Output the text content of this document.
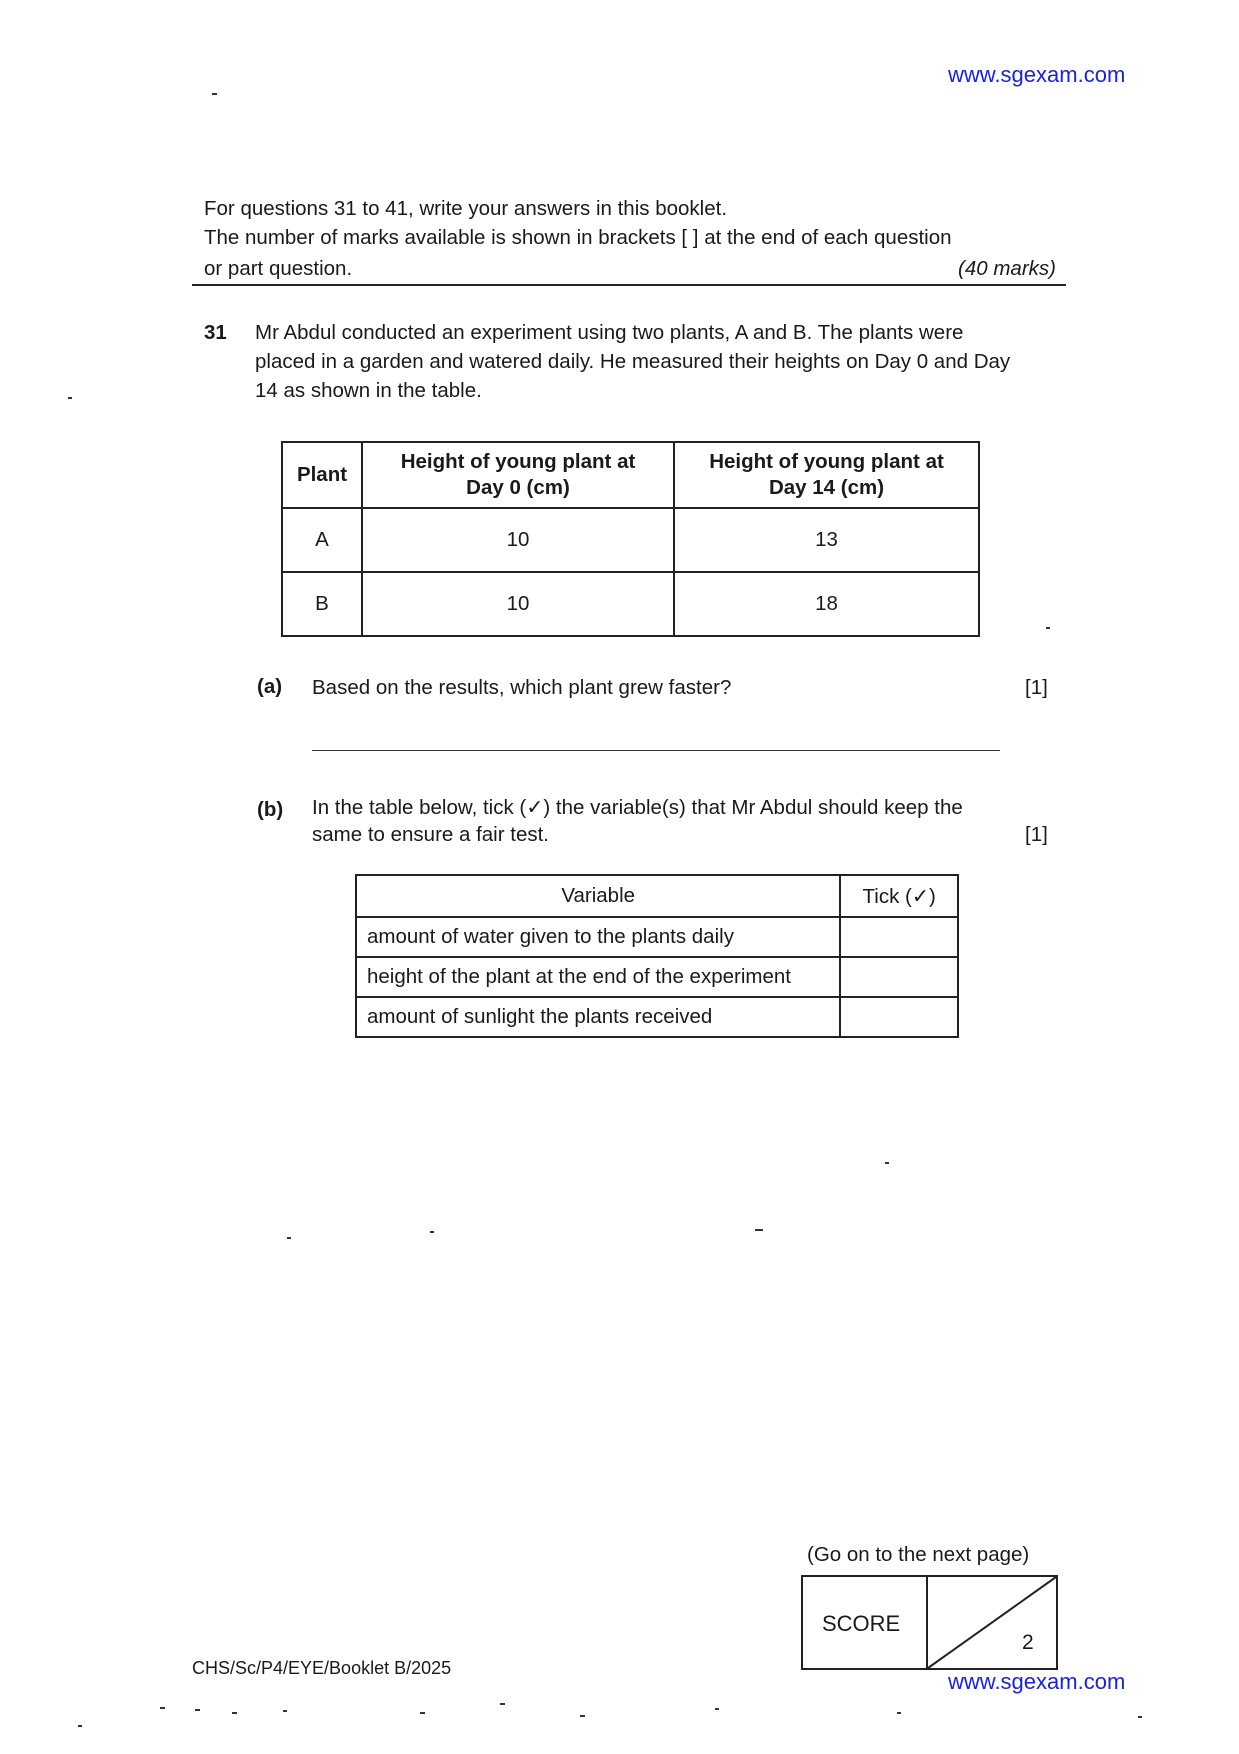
www.sgexam.com
For questions 31 to 41, write your answers in this booklet.
The number of marks available is shown in brackets [ ] at the end of each question
or part question.	(40 marks)
31 Mr Abdul conducted an experiment using two plants, A and B. The plants were placed in a garden and watered daily. He measured their heights on Day 0 and Day 14 as shown in the table.
Plant	Height of young plant at Day 0 (cm)	Height of young plant at Day 14 (cm)
A	10	13
B	10	18
(a) Based on the results, which plant grew faster?	[1]
(b) In the table below, tick (✓) the variable(s) that Mr Abdul should keep the same to ensure a fair test.	[1]
Variable	Tick (✓)
amount of water given to the plants daily	
height of the plant at the end of the experiment	
amount of sunlight the plants received	
(Go on to the next page)
SCORE
2
CHS/Sc/P4/EYE/Booklet B/2025
www.sgexam.com
